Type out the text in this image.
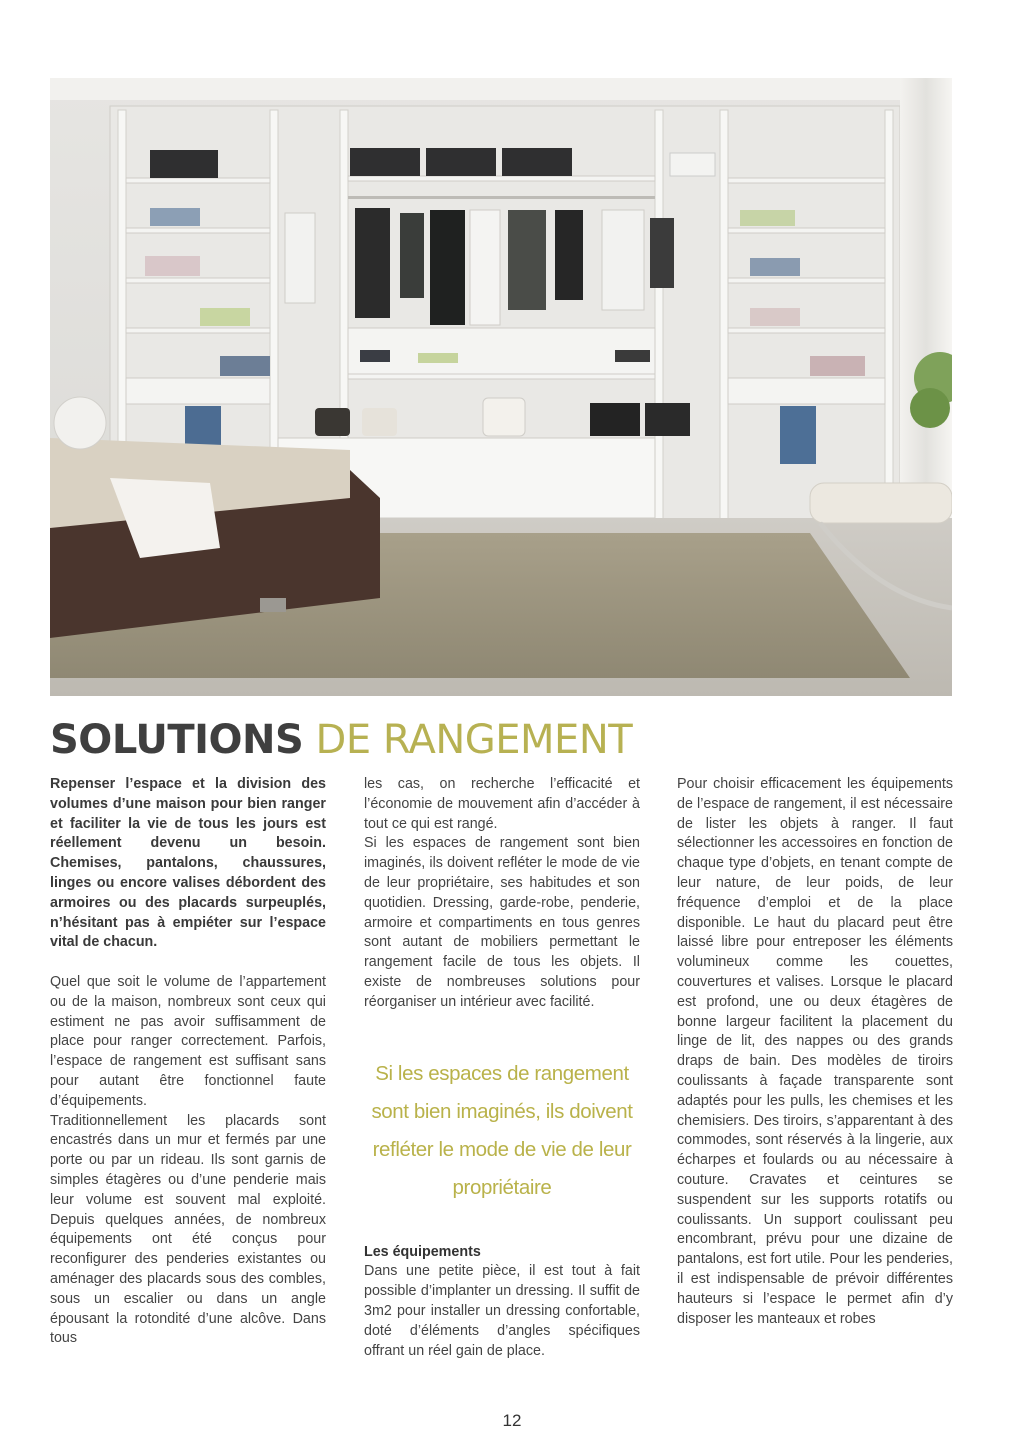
SOLUTIONS DE RANGEMENT

Repenser l’espace et la division des volumes d’une maison pour bien ranger et faciliter la vie de tous les jours est réellement devenu un besoin. Chemises, pantalons, chaussures, linges ou encore valises débordent des armoires ou des placards surpeuplés, n’hésitant pas à empiéter sur l’espace vital de chacun.

Quel que soit le volume de l’appartement ou de la maison, nombreux sont ceux qui estiment ne pas avoir suffisamment de place pour ranger correctement. Parfois, l’espace de rangement est suffisant sans pour autant être fonctionnel faute d’équipements.

Traditionnellement les placards sont encastrés dans un mur et fermés par une porte ou par un rideau. Ils sont garnis de simples étagères ou d’une penderie mais leur volume est souvent mal exploité. Depuis quelques années, de nombreux équipements ont été conçus pour reconfigurer des penderies existantes ou aménager des placards sous des combles, sous un escalier ou dans un angle épousant la rotondité d’une alcôve. Dans tous

les cas, on recherche l’efficacité et l’économie de mouvement afin d’accéder à tout ce qui est rangé.

Si les espaces de rangement sont bien imaginés, ils doivent refléter le mode de vie de leur propriétaire, ses habitudes et son quotidien. Dressing, garde-robe, penderie, armoire et compartiments en tous genres sont autant de mobiliers permettant le rangement facile de tous les objets. Il existe de nombreuses solutions pour réorganiser un intérieur avec facilité.

Si les espaces de rangement sont bien imaginés, ils doivent refléter le mode de vie de leur propriétaire

Les équipements

Dans une petite pièce, il est tout à fait possible d’implanter un dressing. Il suffit de 3m2 pour installer un dressing confortable, doté d’éléments d’angles spécifiques offrant un réel gain de place.

Pour choisir efficacement les équipements de l’espace de rangement, il est nécessaire de lister les objets à ranger. Il faut sélectionner les accessoires en fonction de chaque type d’objets, en tenant compte de leur nature, de leur poids, de leur fréquence d’emploi et de la place disponible. Le haut du placard peut être laissé libre pour entreposer les éléments volumineux comme les couettes, couvertures et valises. Lorsque le placard est profond, une ou deux étagères de bonne largeur facilitent la placement du linge de lit, des nappes ou des grands draps de bain. Des modèles de tiroirs coulissants à façade transparente sont adaptés pour les pulls, les chemises et les chemisiers. Des tiroirs, s’apparentant à des commodes, sont réservés à la lingerie, aux écharpes et foulards ou au nécessaire à couture. Cravates et ceintures se suspendent sur les supports rotatifs ou coulissants. Un support coulissant peu encombrant, prévu pour une dizaine de pantalons, est fort utile. Pour les penderies, il est indispensable de prévoir différentes hauteurs si l’espace le permet afin d’y disposer les manteaux et robes

12
